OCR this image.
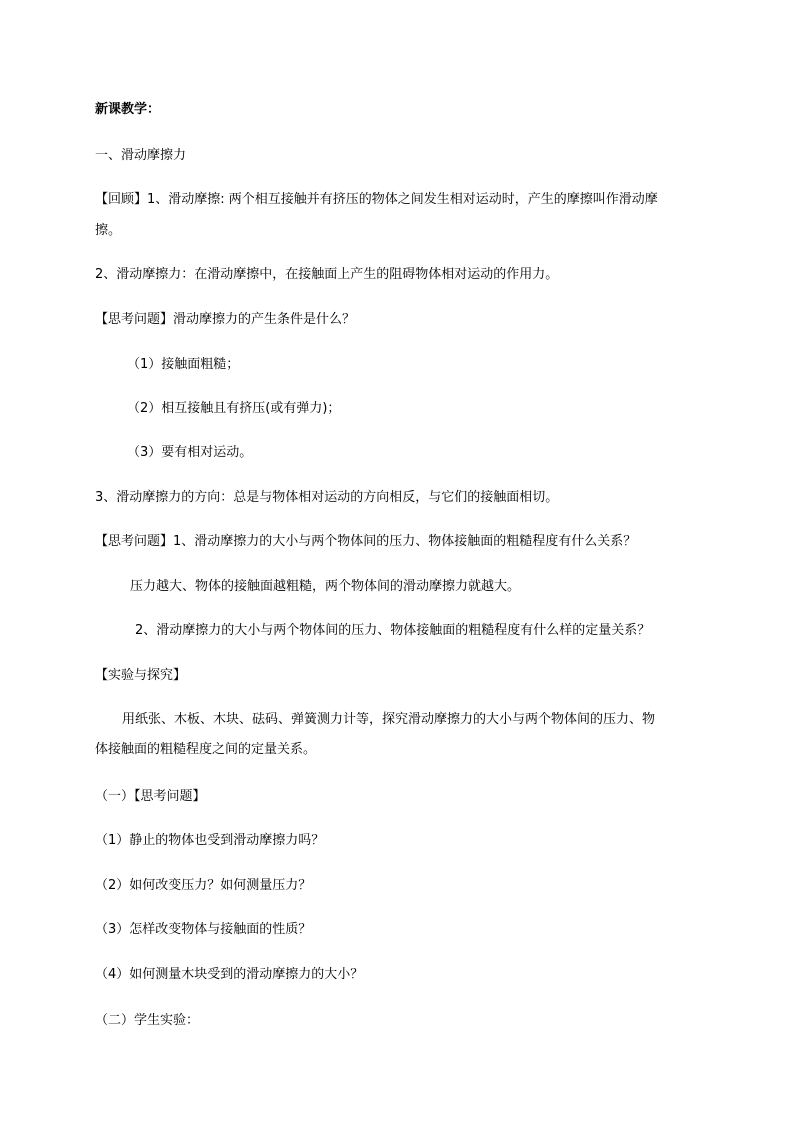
新课教学：

一、滑动摩擦力

【回顾】1、滑动摩擦: 两个相互接触并有挤压的物体之间发生相对运动时，产生的摩擦叫作滑动摩

擦。

2、滑动摩擦力：在滑动摩擦中，在接触面上产生的阻碍物体相对运动的作用力。

【思考问题】滑动摩擦力的产生条件是什么？

（1）接触面粗糙；

（2）相互接触且有挤压(或有弹力)；

（3）要有相对运动。

3、滑动摩擦力的方向：总是与物体相对运动的方向相反，与它们的接触面相切。

【思考问题】1、滑动摩擦力的大小与两个物体间的压力、物体接触面的粗糙程度有什么关系？

压力越大、物体的接触面越粗糙，两个物体间的滑动摩擦力就越大。

2、滑动摩擦力的大小与两个物体间的压力、物体接触面的粗糙程度有什么样的定量关系？

【实验与探究】

用纸张、木板、木块、砝码、弹簧测力计等，探究滑动摩擦力的大小与两个物体间的压力、物

体接触面的粗糙程度之间的定量关系。

（一）【思考问题】

（1）静止的物体也受到滑动摩擦力吗？

（2）如何改变压力？如何测量压力？

（3）怎样改变物体与接触面的性质？

（4）如何测量木块受到的滑动摩擦力的大小？

（二）学生实验：
